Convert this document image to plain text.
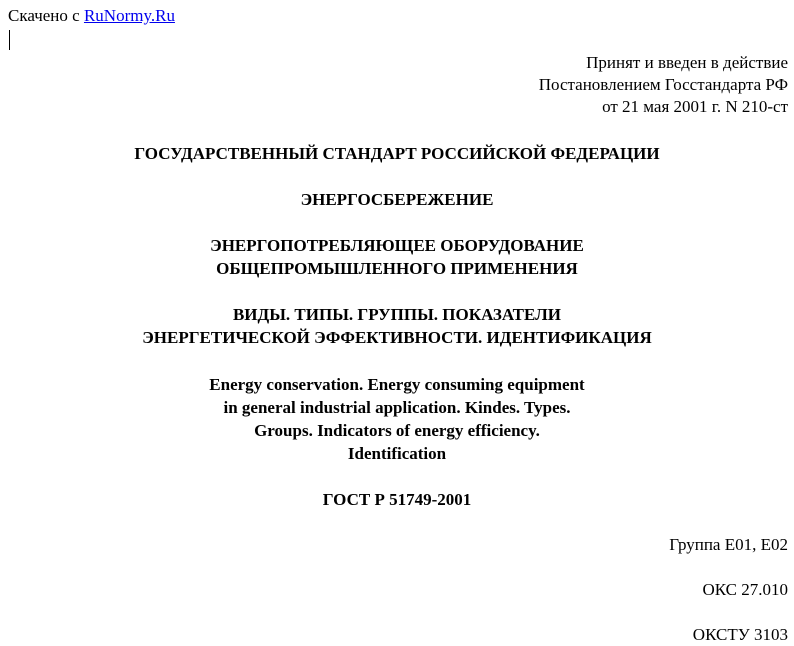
Скачено с RuNormy.Ru
Принят и введен в действие
Постановлением Госстандарта РФ
от 21 мая 2001 г. N 210-ст
ГОСУДАРСТВЕННЫЙ СТАНДАРТ РОССИЙСКОЙ ФЕДЕРАЦИИ
ЭНЕРГОСБЕРЕЖЕНИЕ
ЭНЕРГОПОТРЕБЛЯЮЩЕЕ ОБОРУДОВАНИЕ
ОБЩЕПРОМЫШЛЕННОГО ПРИМЕНЕНИЯ
ВИДЫ. ТИПЫ. ГРУППЫ. ПОКАЗАТЕЛИ
ЭНЕРГЕТИЧЕСКОЙ ЭФФЕКТИВНОСТИ. ИДЕНТИФИКАЦИЯ
Energy conservation. Energy consuming equipment
in general industrial application. Kindes. Types.
Groups. Indicators of energy efficiency.
Identification
ГОСТ Р 51749-2001
Группа Е01, Е02
ОКС 27.010
ОКСТУ 3103
